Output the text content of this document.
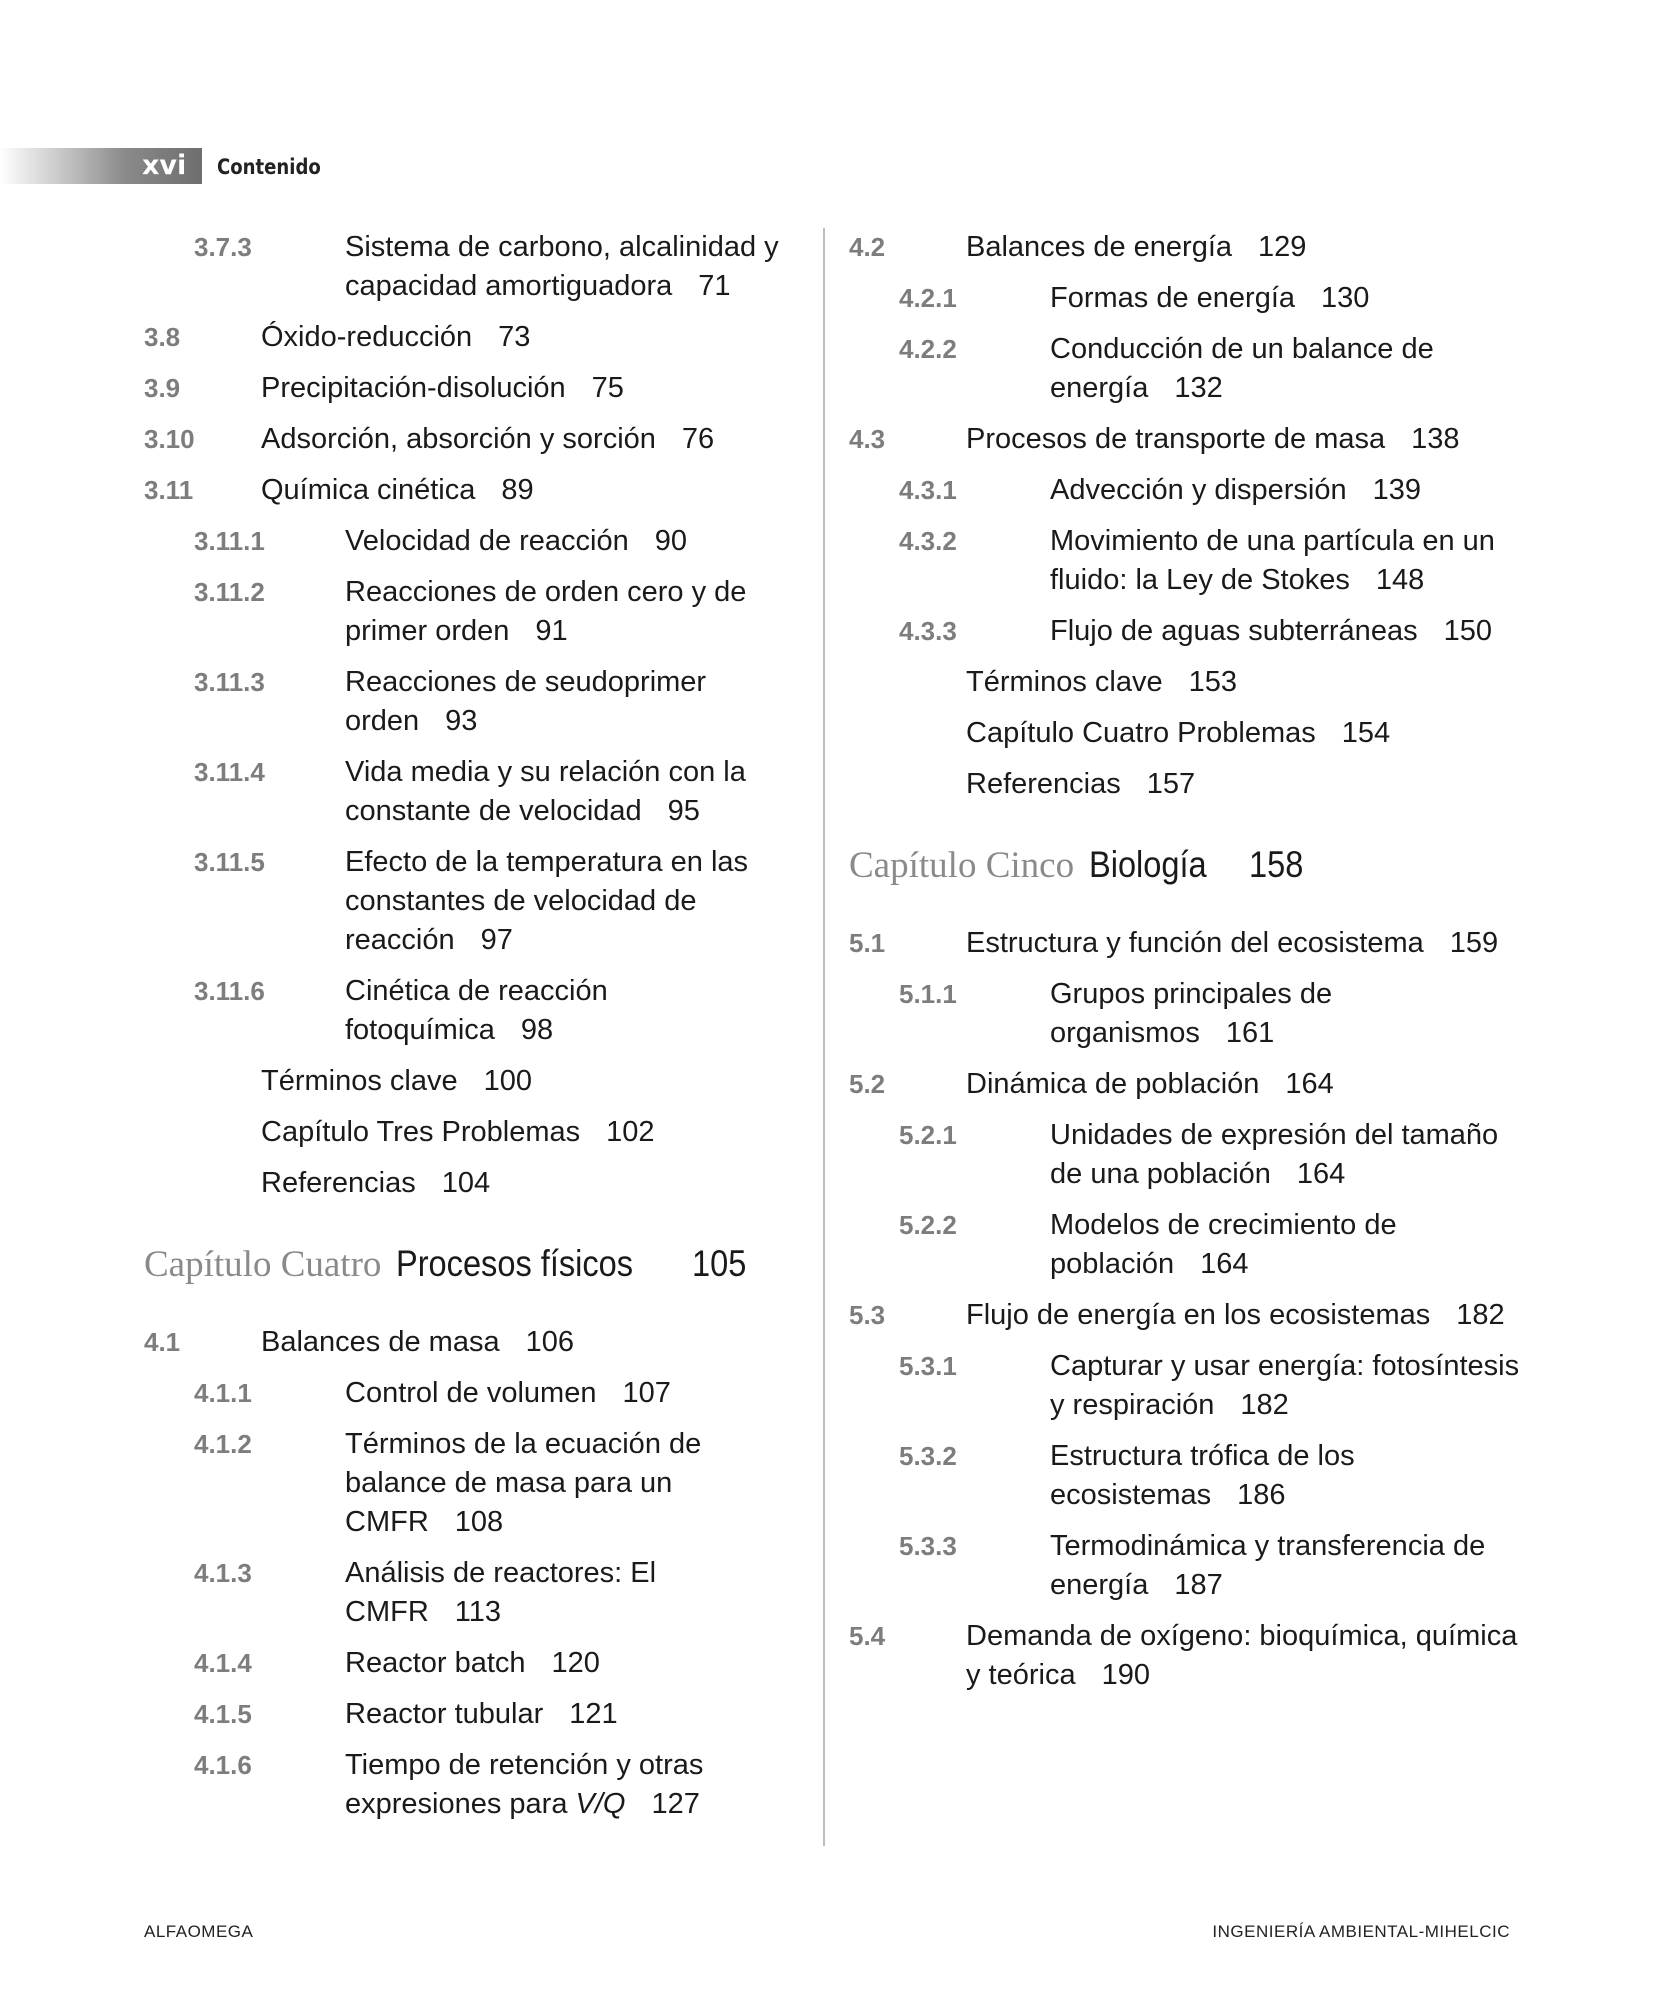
xvi Contenido
3.7.3	Sistema de carbono, alcalinidad y capacidad amortiguadora 71
3.8	Óxido-reducción 73
3.9	Precipitación-disolución 75
3.10 Adsorción, absorción y sorción 76
3.11 Química cinética 89
3.11.1	Velocidad de reacción 90
3.11.2	Reacciones de orden cero y de primer orden 91
3.11.3	Reacciones de seudoprimer orden 93
3.11.4	Vida media y su relación con la constante de velocidad 95
3.11.5	Efecto de la temperatura en las constantes de velocidad de reacción 97
3.11.6	Cinética de reacción fotoquímica 98
Términos clave 100
Capítulo Tres Problemas 102
Referencias 104
Capítulo Cuatro Procesos físicos 105
4.1	Balances de masa 106
4.1.1	Control de volumen 107
4.1.2	Términos de la ecuación de balance de masa para un CMFR 108
4.1.3	Análisis de reactores: El CMFR 113
4.1.4	Reactor batch 120
4.1.5	Reactor tubular 121
4.1.6	Tiempo de retención y otras expresiones para V/Q 127
4.2	Balances de energía 129
4.2.1	Formas de energía 130
4.2.2	Conducción de un balance de energía 132
4.3	Procesos de transporte de masa 138
4.3.1	Advección y dispersión 139
4.3.2	Movimiento de una partícula en un fluido: la Ley de Stokes 148
4.3.3	Flujo de aguas subterráneas 150
Términos clave 153
Capítulo Cuatro Problemas 154
Referencias 157
Capítulo Cinco Biología 158
5.1	Estructura y función del ecosistema 159
5.1.1	Grupos principales de organismos 161
5.2	Dinámica de población 164
5.2.1	Unidades de expresión del tamaño de una población 164
5.2.2	Modelos de crecimiento de población 164
5.3	Flujo de energía en los ecosistemas 182
5.3.1	Capturar y usar energía: fotosíntesis y respiración 182
5.3.2	Estructura trófica de los ecosistemas 186
5.3.3	Termodinámica y transferencia de energía 187
5.4	Demanda de oxígeno: bioquímica, química y teórica 190
ALFAOMEGA	INGENIERÍA AMBIENTAL-MIHELCIC
